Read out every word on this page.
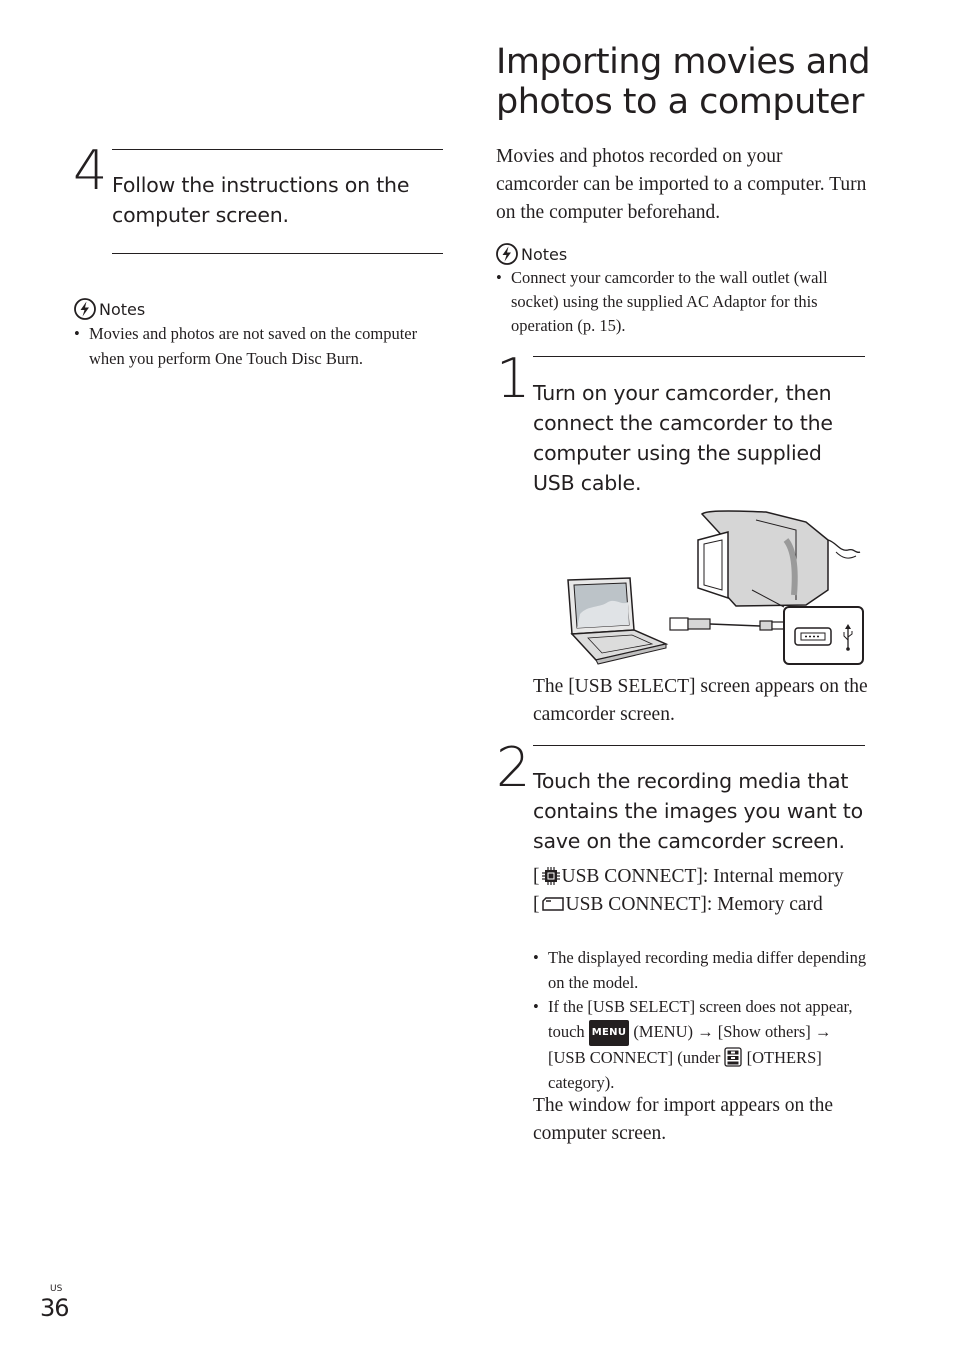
4 Follow the instructions on the computer screen.
Notes
• Movies and photos are not saved on the computer when you perform One Touch Disc Burn.
Importing movies and photos to a computer
Movies and photos recorded on your camcorder can be imported to a computer. Turn on the computer beforehand.
Notes
• Connect your camcorder to the wall outlet (wall socket) using the supplied AC Adaptor for this operation (p. 15).
1 Turn on your camcorder, then connect the camcorder to the computer using the supplied USB cable.
The [USB SELECT] screen appears on the camcorder screen.
2 Touch the recording media that contains the images you want to save on the camcorder screen.
[ USB CONNECT]: Internal memory
[ USB CONNECT]: Memory card
• The displayed recording media differ depending on the model.
• If the [USB SELECT] screen does not appear, touch MENU (MENU) → [Show others] → [USB CONNECT] (under [OTHERS] category).
The window for import appears on the computer screen.
US
36
